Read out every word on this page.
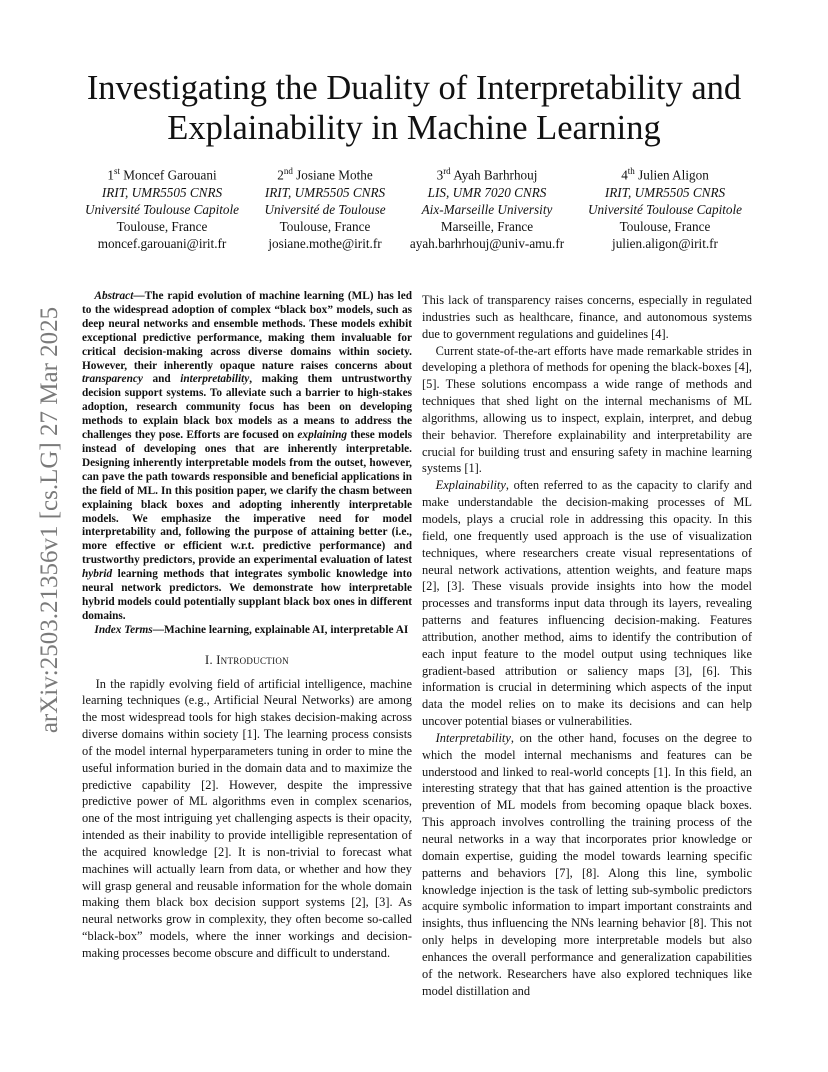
Investigating the Duality of Interpretability and
Explainability in Machine Learning
1st Moncef Garouani
IRIT, UMR5505 CNRS
Université Toulouse Capitole
Toulouse, France
moncef.garouani@irit.fr
2nd Josiane Mothe
IRIT, UMR5505 CNRS
Université de Toulouse
Toulouse, France
josiane.mothe@irit.fr
3rd Ayah Barhrhouj
LIS, UMR 7020 CNRS
Aix-Marseille University
Marseille, France
ayah.barhrhouj@univ-amu.fr
4th Julien Aligon
IRIT, UMR5505 CNRS
Université Toulouse Capitole
Toulouse, France
julien.aligon@irit.fr
arXiv:2503.21356v1 [cs.LG] 27 Mar 2025

Abstract—The rapid evolution of machine learning (ML) has led to the widespread adoption of complex “black box” models, such as deep neural networks and ensemble methods. These models exhibit exceptional predictive performance, making them invaluable for critical decision-making across diverse domains within society. However, their inherently opaque nature raises concerns about transparency and interpretability, making them untrustworthy decision support systems. To alleviate such a barrier to high-stakes adoption, research community focus has been on developing methods to explain black box models as a means to address the challenges they pose. Efforts are focused on explaining these models instead of developing ones that are inherently interpretable. Designing inherently interpretable models from the outset, however, can pave the path towards responsible and beneficial applications in the field of ML. In this position paper, we clarify the chasm between explaining black boxes and adopting inherently interpretable models. We emphasize the imperative need for model interpretability and, following the purpose of attaining better (i.e., more effective or efficient w.r.t. predictive performance) and trustworthy predictors, provide an experimental evaluation of latest hybrid learning methods that integrates symbolic knowledge into neural network predictors. We demonstrate how interpretable hybrid models could potentially supplant black box ones in different domains.

Index Terms—Machine learning, explainable AI, interpretable AI

I. Introduction

In the rapidly evolving field of artificial intelligence, machine learning techniques (e.g., Artificial Neural Networks) are among the most widespread tools for high stakes decision-making across diverse domains within society [1]. The learning process consists of the model internal hyperparameters tuning in order to mine the useful information buried in the domain data and to maximize the predictive capability [2]. However, despite the impressive predictive power of ML algorithms even in complex scenarios, one of the most intriguing yet challenging aspects is their opacity, intended as their inability to provide intelligible representation of the acquired knowledge [2]. It is non-trivial to forecast what machines will actually learn from data, or whether and how they will grasp general and reusable information for the whole domain making them black box decision support systems [2], [3]. As neural networks grow in complexity, they often become so-called “black-box” models, where the inner workings and decision-making processes become obscure and difficult to understand.

This lack of transparency raises concerns, especially in regulated industries such as healthcare, finance, and autonomous systems due to government regulations and guidelines [4].

Current state-of-the-art efforts have made remarkable strides in developing a plethora of methods for opening the black-boxes [4], [5]. These solutions encompass a wide range of methods and techniques that shed light on the internal mechanisms of ML algorithms, allowing us to inspect, explain, interpret, and debug their behavior. Therefore explainability and interpretability are crucial for building trust and ensuring safety in machine learning systems [1].

Explainability, often referred to as the capacity to clarify and make understandable the decision-making processes of ML models, plays a crucial role in addressing this opacity. In this field, one frequently used approach is the use of visualization techniques, where researchers create visual representations of neural network activations, attention weights, and feature maps [2], [3]. These visuals provide insights into how the model processes and transforms input data through its layers, revealing patterns and features influencing decision-making. Features attribution, another method, aims to identify the contribution of each input feature to the model output using techniques like gradient-based attribution or saliency maps [3], [6]. This information is crucial in determining which aspects of the input data the model relies on to make its decisions and can help uncover potential biases or vulnerabilities.

Interpretability, on the other hand, focuses on the degree to which the model internal mechanisms and features can be understood and linked to real-world concepts [1]. In this field, an interesting strategy that that has gained attention is the proactive prevention of ML models from becoming opaque black boxes. This approach involves controlling the training process of the neural networks in a way that incorporates prior knowledge or domain expertise, guiding the model towards learning specific patterns and behaviors [7], [8]. Along this line, symbolic knowledge injection is the task of letting sub-symbolic predictors acquire symbolic information to impart important constraints and insights, thus influencing the NNs learning behavior [8]. This not only helps in developing more interpretable models but also enhances the overall performance and generalization capabilities of the network. Researchers have also explored techniques like model distillation and
